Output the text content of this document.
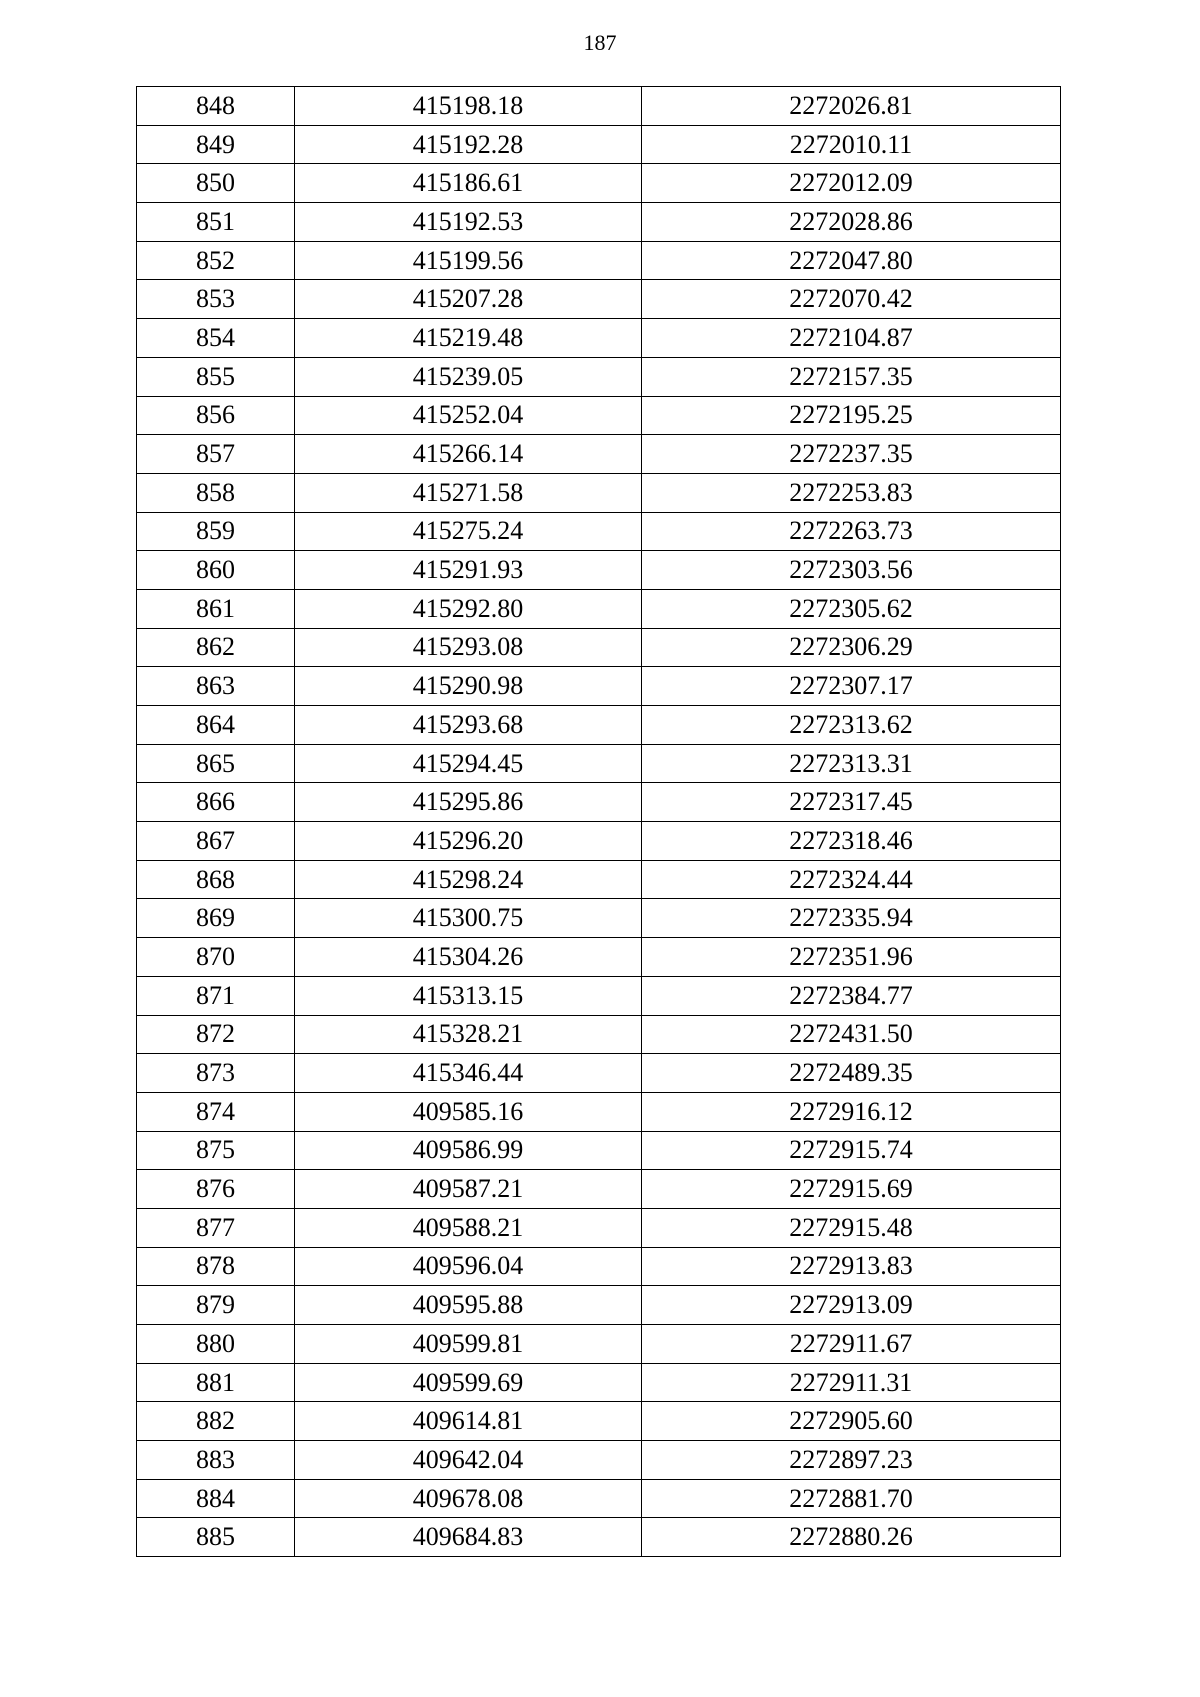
187
848	415198.18	2272026.81
849	415192.28	2272010.11
850	415186.61	2272012.09
851	415192.53	2272028.86
852	415199.56	2272047.80
853	415207.28	2272070.42
854	415219.48	2272104.87
855	415239.05	2272157.35
856	415252.04	2272195.25
857	415266.14	2272237.35
858	415271.58	2272253.83
859	415275.24	2272263.73
860	415291.93	2272303.56
861	415292.80	2272305.62
862	415293.08	2272306.29
863	415290.98	2272307.17
864	415293.68	2272313.62
865	415294.45	2272313.31
866	415295.86	2272317.45
867	415296.20	2272318.46
868	415298.24	2272324.44
869	415300.75	2272335.94
870	415304.26	2272351.96
871	415313.15	2272384.77
872	415328.21	2272431.50
873	415346.44	2272489.35
874	409585.16	2272916.12
875	409586.99	2272915.74
876	409587.21	2272915.69
877	409588.21	2272915.48
878	409596.04	2272913.83
879	409595.88	2272913.09
880	409599.81	2272911.67
881	409599.69	2272911.31
882	409614.81	2272905.60
883	409642.04	2272897.23
884	409678.08	2272881.70
885	409684.83	2272880.26
